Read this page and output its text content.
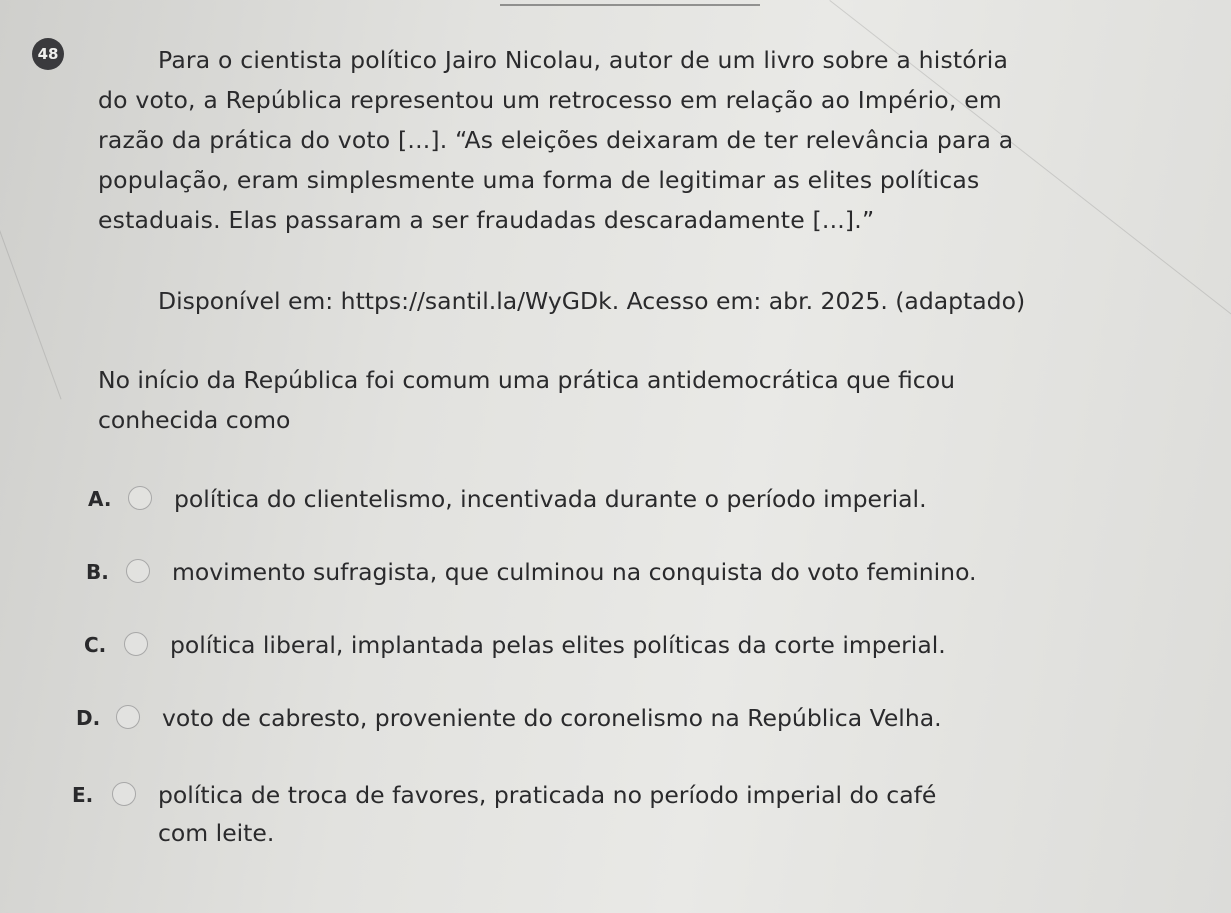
48	Para o cientista político Jairo Nicolau, autor de um livro sobre a história
do voto, a República representou um retrocesso em relação ao Império, em
razão da prática do voto [...]. “As eleições deixaram de ter relevância para a
população, eram simplesmente uma forma de legitimar as elites políticas
estaduais. Elas passaram a ser fraudadas descaradamente [...].”
Disponível em: https://santil.la/WyGDk. Acesso em: abr. 2025. (adaptado)
No início da República foi comum uma prática antidemocrática que ficou
conhecida como
A.	política do clientelismo, incentivada durante o período imperial.
B.	movimento sufragista, que culminou na conquista do voto feminino.
C.	política liberal, implantada pelas elites políticas da corte imperial.
D.	voto de cabresto, proveniente do coronelismo na República Velha.
E.	política de troca de favores, praticada no período imperial do café
com leite.
